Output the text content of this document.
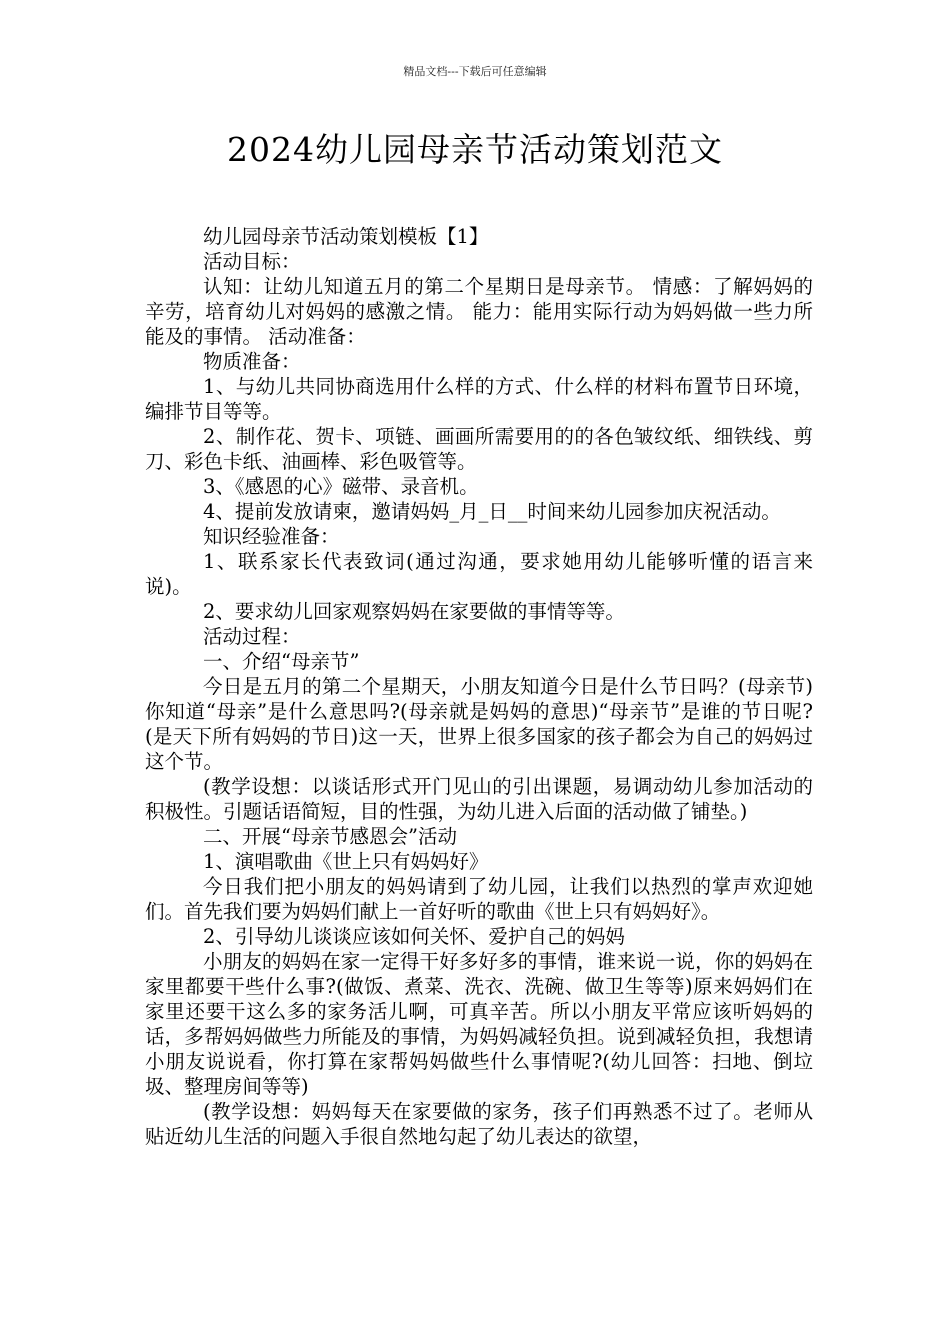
精品文档---下载后可任意编辑
2024幼儿园母亲节活动策划范文

幼儿园母亲节活动策划模板【1】

活动目标：

认知：让幼儿知道五月的第二个星期日是母亲节。 情感：了解妈妈的辛劳，培育幼儿对妈妈的感激之情。 能力：能用实际行动为妈妈做一些力所能及的事情。 活动准备：

物质准备：

1、与幼儿共同协商选用什么样的方式、什么样的材料布置节日环境，编排节目等等。

2、制作花、贺卡、项链、画画所需要用的的各色皱纹纸、细铁线、剪刀、彩色卡纸、油画棒、彩色吸管等。

3、《感恩的心》磁带、录音机。

4、提前发放请柬，邀请妈妈_月_日__时间来幼儿园参加庆祝活动。

知识经验准备：

1、联系家长代表致词(通过沟通，要求她用幼儿能够听懂的语言来说)。

2、要求幼儿回家观察妈妈在家要做的事情等等。

活动过程：

一、介绍“母亲节”

今日是五月的第二个星期天，小朋友知道今日是什么节日吗？(母亲节)你知道“母亲”是什么意思吗?(母亲就是妈妈的意思)“母亲节”是谁的节日呢?(是天下所有妈妈的节日)这一天，世界上很多国家的孩子都会为自己的妈妈过这个节。

(教学设想：以谈话形式开门见山的引出课题，易调动幼儿参加活动的积极性。引题话语简短，目的性强，为幼儿进入后面的活动做了铺垫。)

二、开展“母亲节感恩会”活动

1、演唱歌曲《世上只有妈妈好》

今日我们把小朋友的妈妈请到了幼儿园，让我们以热烈的掌声欢迎她们。首先我们要为妈妈们献上一首好听的歌曲《世上只有妈妈好》。

2、引导幼儿谈谈应该如何关怀、爱护自己的妈妈

小朋友的妈妈在家一定得干好多好多的事情，谁来说一说，你的妈妈在家里都要干些什么事?(做饭、煮菜、洗衣、洗碗、做卫生等等)原来妈妈们在家里还要干这么多的家务活儿啊，可真辛苦。所以小朋友平常应该听妈妈的话，多帮妈妈做些力所能及的事情，为妈妈减轻负担。说到减轻负担，我想请小朋友说说看，你打算在家帮妈妈做些什么事情呢?(幼儿回答：扫地、倒垃圾、整理房间等等)

(教学设想：妈妈每天在家要做的家务，孩子们再熟悉不过了。老师从贴近幼儿生活的问题入手很自然地勾起了幼儿表达的欲望，
